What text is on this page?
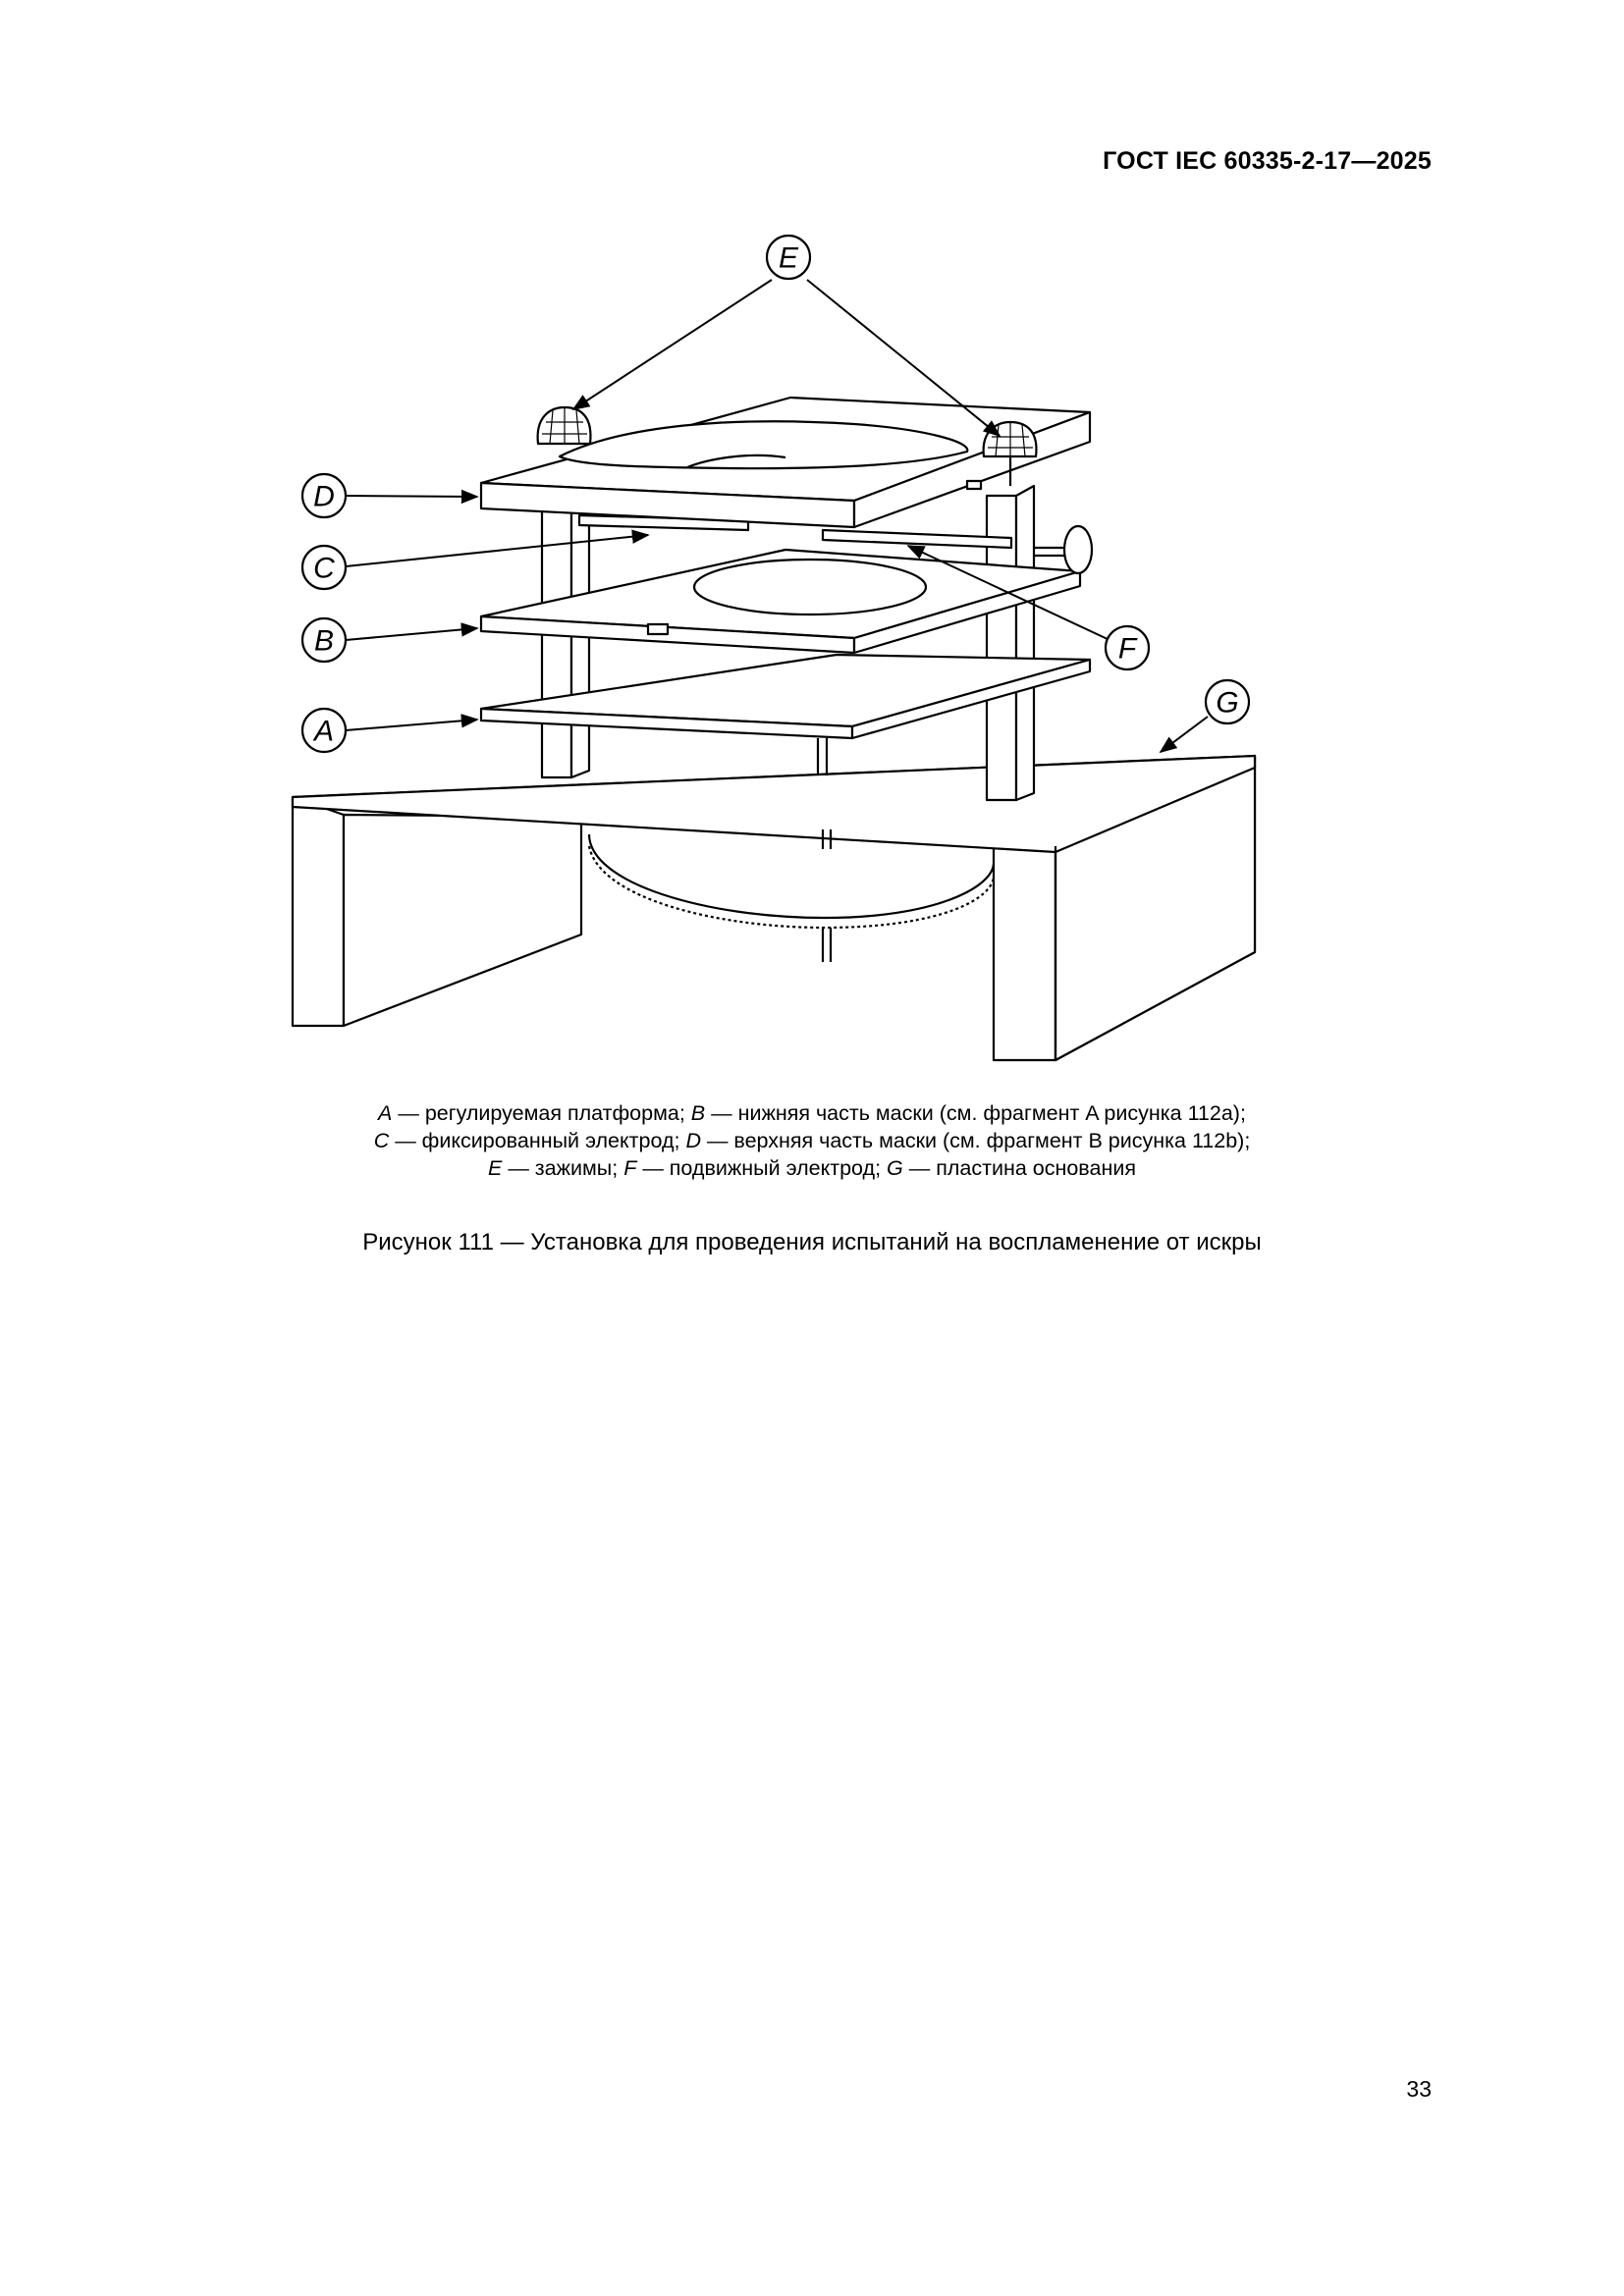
ГОСТ IEC 60335-2-17—2025
D
C
B
A
E
F
G
A — регулируемая платформа; B — нижняя часть маски (см. фрагмент A рисунка 112a);
C — фиксированный электрод; D — верхняя часть маски (см. фрагмент B рисунка 112b);
E — зажимы; F — подвижный электрод; G — пластина основания
Рисунок 111 — Установка для проведения испытаний на воспламенение от искры
33
